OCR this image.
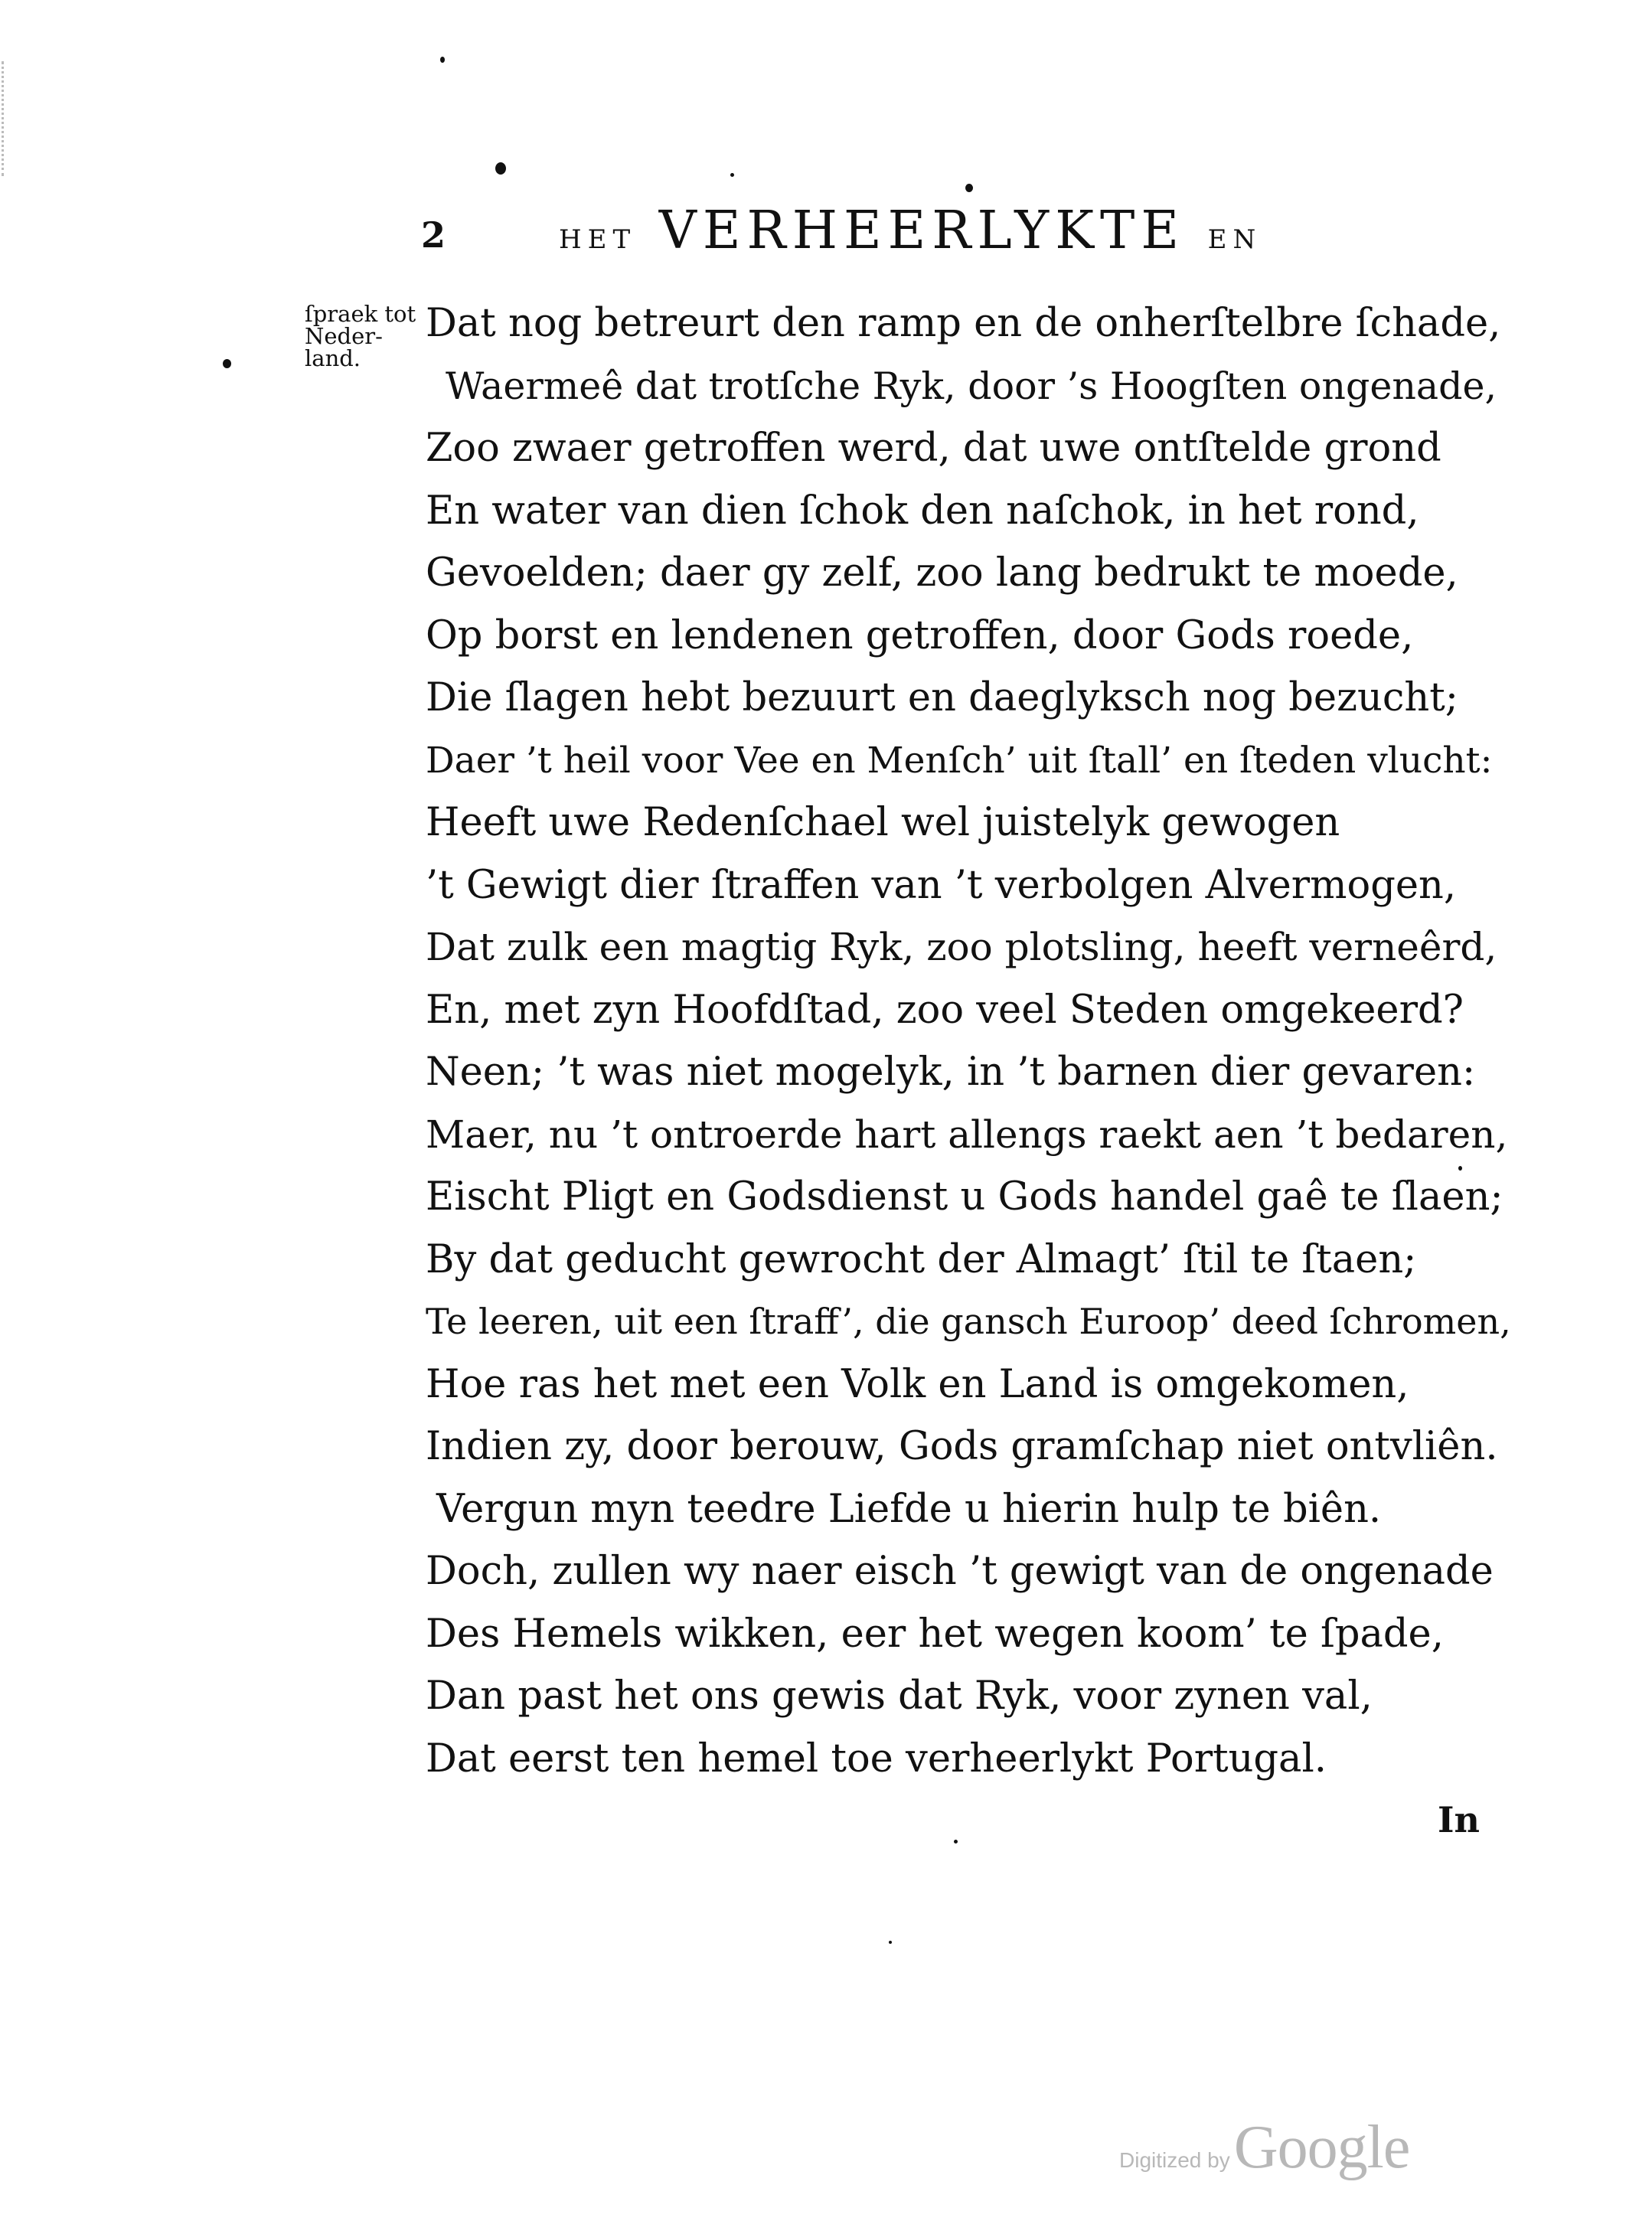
2	HET VERHEERLYKTE EN
ſpraek tot
Neder-
land.
Dat nog betreurt den ramp en de onherſtelbre ſchade,
Waermeê dat trotſche Ryk, door ’s Hoogſten ongenade,
Zoo zwaer getroffen werd, dat uwe ontſtelde grond
En water van dien ſchok den naſchok, in het rond,
Gevoelden; daer gy zelf, zoo lang bedrukt te moede,
Op borst en lendenen getroffen, door Gods roede,
Die ſlagen hebt bezuurt en daeglyksch nog bezucht;
Daer ’t heil voor Vee en Menſch’ uit ſtall’ en ſteden vlucht:
Heeft uwe Redenſchael wel juistelyk gewogen
’t Gewigt dier ſtraffen van ’t verbolgen Alvermogen,
Dat zulk een magtig Ryk, zoo plotsling, heeft verneêrd,
En, met zyn Hoofdſtad, zoo veel Steden omgekeerd?
Neen; ’t was niet mogelyk, in ’t barnen dier gevaren:
Maer, nu ’t ontroerde hart allengs raekt aen ’t bedaren,
Eischt Pligt en Godsdienst u Gods handel gaê te ſlaen;
By dat geducht gewrocht der Almagt’ ſtil te ſtaen;
Te leeren, uit een ſtraff’, die gansch Euroop’ deed ſchromen,
Hoe ras het met een Volk en Land is omgekomen,
Indien zy, door berouw, Gods gramſchap niet ontvliên.
Vergun myn teedre Liefde u hierin hulp te biên.
Doch, zullen wy naer eisch ’t gewigt van de ongenade
Des Hemels wikken, eer het wegen koom’ te ſpade,
Dan past het ons gewis dat Ryk, voor zynen val,
Dat eerst ten hemel toe verheerlykt Portugal.
In
Digitized by Google
